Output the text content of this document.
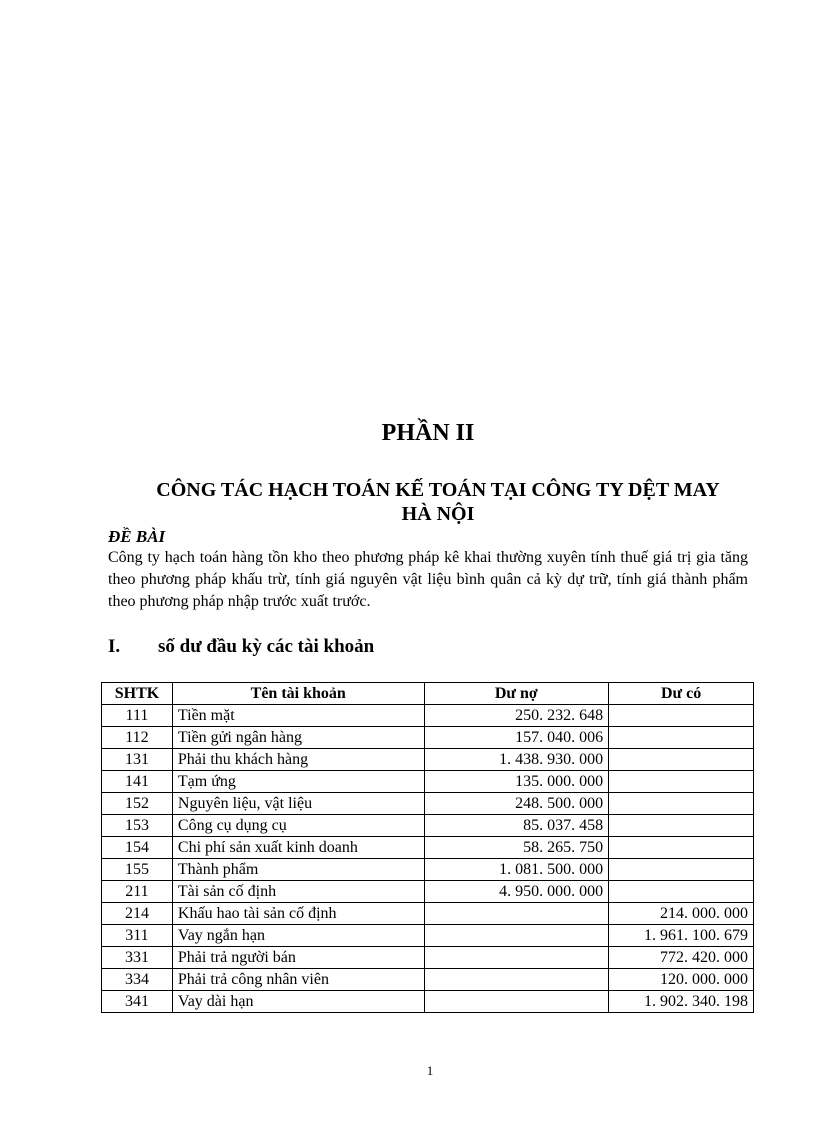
PHẦN II
CÔNG TÁC HẠCH TOÁN KẾ TOÁN TẠI CÔNG TY DỆT MAY
HÀ NỘI

ĐỀ BÀI

Công ty hạch toán hàng tồn kho theo phương pháp kê khai thường xuyên tính thuế giá trị gia tăng theo phương pháp khấu trừ, tính giá nguyên vật liệu bình quân cả kỳ dự trữ, tính giá thành phẩm theo phương pháp nhập trước xuất trước.

I.	số dư đầu kỳ các tài khoản
SHTK	Tên tài khoản	Dư nợ	Dư có
111	Tiền mặt	250. 232. 648	
112	Tiền gửi ngân hàng	157. 040. 006	
131	Phải thu khách hàng	1. 438. 930. 000	
141	Tạm ứng	135. 000. 000	
152	Nguyên liệu, vật liệu	248. 500. 000	
153	Công cụ dụng cụ	85. 037. 458	
154	Chi phí sản xuất kinh doanh	58. 265. 750	
155	Thành phẩm	1. 081. 500. 000	
211	Tài sản cố định	4. 950. 000. 000	
214	Khấu hao tài sản cố định		214. 000. 000
311	Vay ngắn hạn		1. 961. 100. 679
331	Phải trả người bán		772. 420. 000
334	Phải trả công nhân viên		120. 000. 000
341	Vay dài hạn		1. 902. 340. 198

1
